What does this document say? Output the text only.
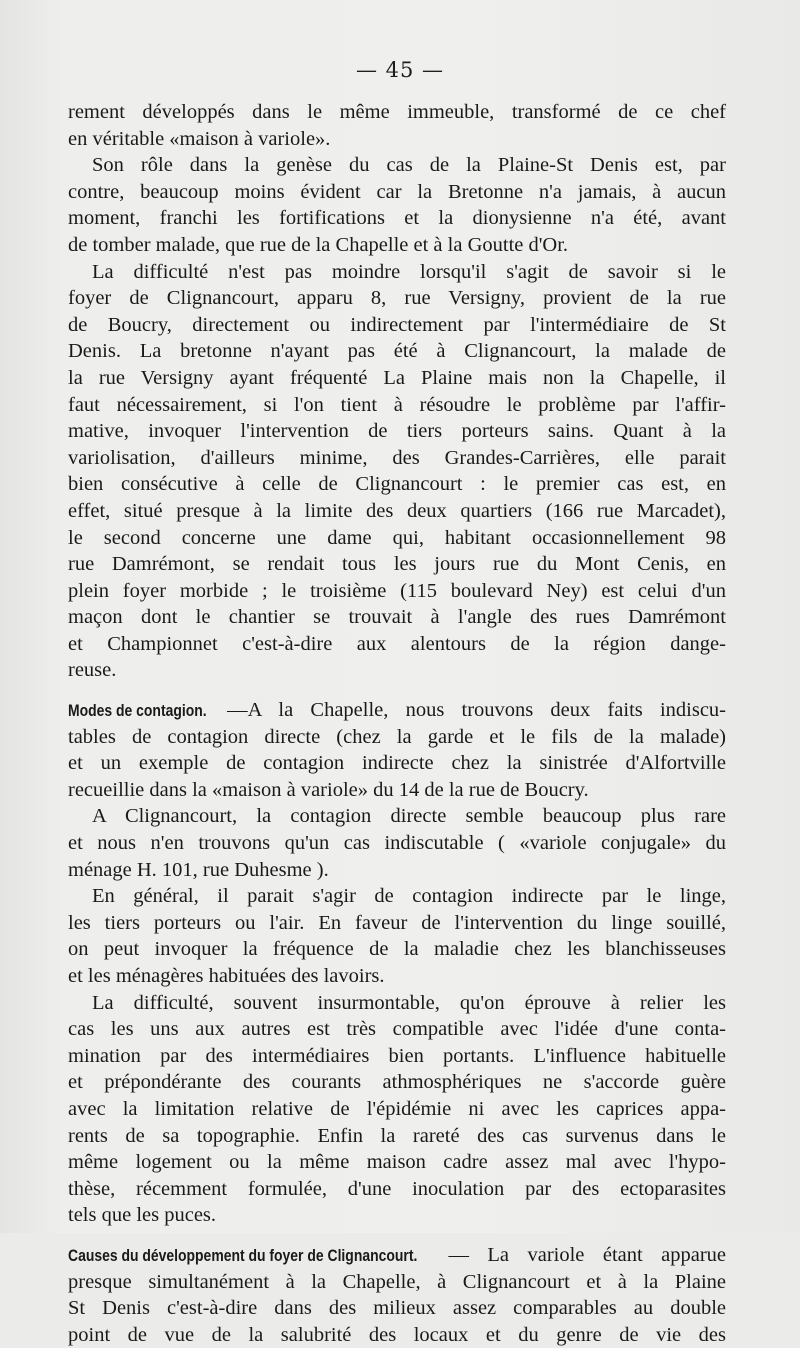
— 45 —
rement développés dans le même immeuble, transformé de ce chef
en véritable «maison à variole».
Son rôle dans la genèse du cas de la Plaine-St Denis est, par
contre, beaucoup moins évident car la Bretonne n'a jamais, à aucun
moment, franchi les fortifications et la dionysienne n'a été, avant
de tomber malade, que rue de la Chapelle et à la Goutte d'Or.
La difficulté n'est pas moindre lorsqu'il s'agit de savoir si le
foyer de Clignancourt, apparu 8, rue Versigny, provient de la rue
de Boucry, directement ou indirectement par l'intermédiaire de St
Denis. La bretonne n'ayant pas été à Clignancourt, la malade de
la rue Versigny ayant fréquenté La Plaine mais non la Chapelle, il
faut nécessairement, si l'on tient à résoudre le problème par l'affir-
mative, invoquer l'intervention de tiers porteurs sains. Quant à la
variolisation, d'ailleurs minime, des Grandes-Carrières, elle parait
bien consécutive à celle de Clignancourt : le premier cas est, en
effet, situé presque à la limite des deux quartiers (166 rue Marcadet),
le second concerne une dame qui, habitant occasionnellement 98
rue Damrémont, se rendait tous les jours rue du Mont Cenis, en
plein foyer morbide ; le troisième (115 boulevard Ney) est celui d'un
maçon dont le chantier se trouvait à l'angle des rues Damrémont
et Championnet c'est-à-dire aux alentours de la région dange-
reuse.
Modes de contagion. —A la Chapelle, nous trouvons deux faits indiscu-
tables de contagion directe (chez la garde et le fils de la malade)
et un exemple de contagion indirecte chez la sinistrée d'Alfortville
recueillie dans la «maison à variole» du 14 de la rue de Boucry.
A Clignancourt, la contagion directe semble beaucoup plus rare
et nous n'en trouvons qu'un cas indiscutable ( «variole conjugale» du
ménage H. 101, rue Duhesme ).
En général, il parait s'agir de contagion indirecte par le linge,
les tiers porteurs ou l'air. En faveur de l'intervention du linge souillé,
on peut invoquer la fréquence de la maladie chez les blanchisseuses
et les ménagères habituées des lavoirs.
La difficulté, souvent insurmontable, qu'on éprouve à relier les
cas les uns aux autres est très compatible avec l'idée d'une conta-
mination par des intermédiaires bien portants. L'influence habituelle
et prépondérante des courants athmosphériques ne s'accorde guère
avec la limitation relative de l'épidémie ni avec les caprices appa-
rents de sa topographie. Enfin la rareté des cas survenus dans le
même logement ou la même maison cadre assez mal avec l'hypo-
thèse, récemment formulée, d'une inoculation par des ectoparasites
tels que les puces.
Causes du développement du foyer de Clignancourt. — La variole étant apparue
presque simultanément à la Chapelle, à Clignancourt et à la Plaine
St Denis c'est-à-dire dans des milieux assez comparables au double
point de vue de la salubrité des locaux et du genre de vie des
